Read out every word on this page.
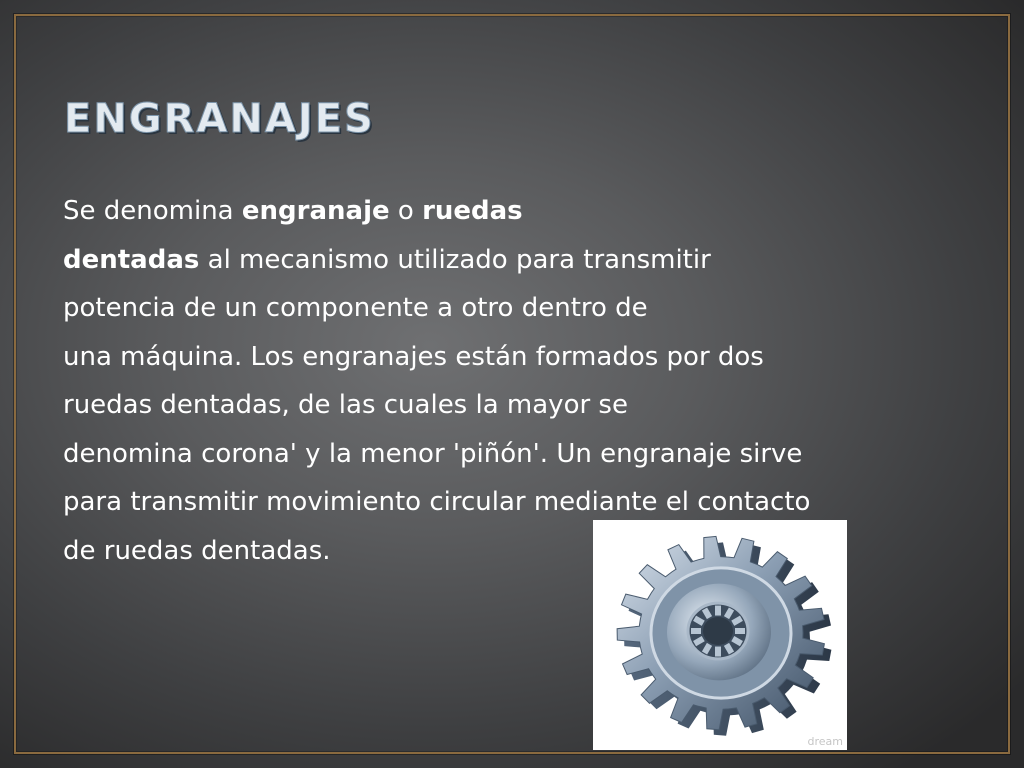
ENGRANAJES

Se denomina engranaje o ruedas
dentadas al mecanismo utilizado para transmitir
potencia de un componente a otro dentro de
una máquina. Los engranajes están formados por dos
ruedas dentadas, de las cuales la mayor se
denomina corona' y la menor 'piñón'. Un engranaje sirve
para transmitir movimiento circular mediante el contacto
de ruedas dentadas.

dream
